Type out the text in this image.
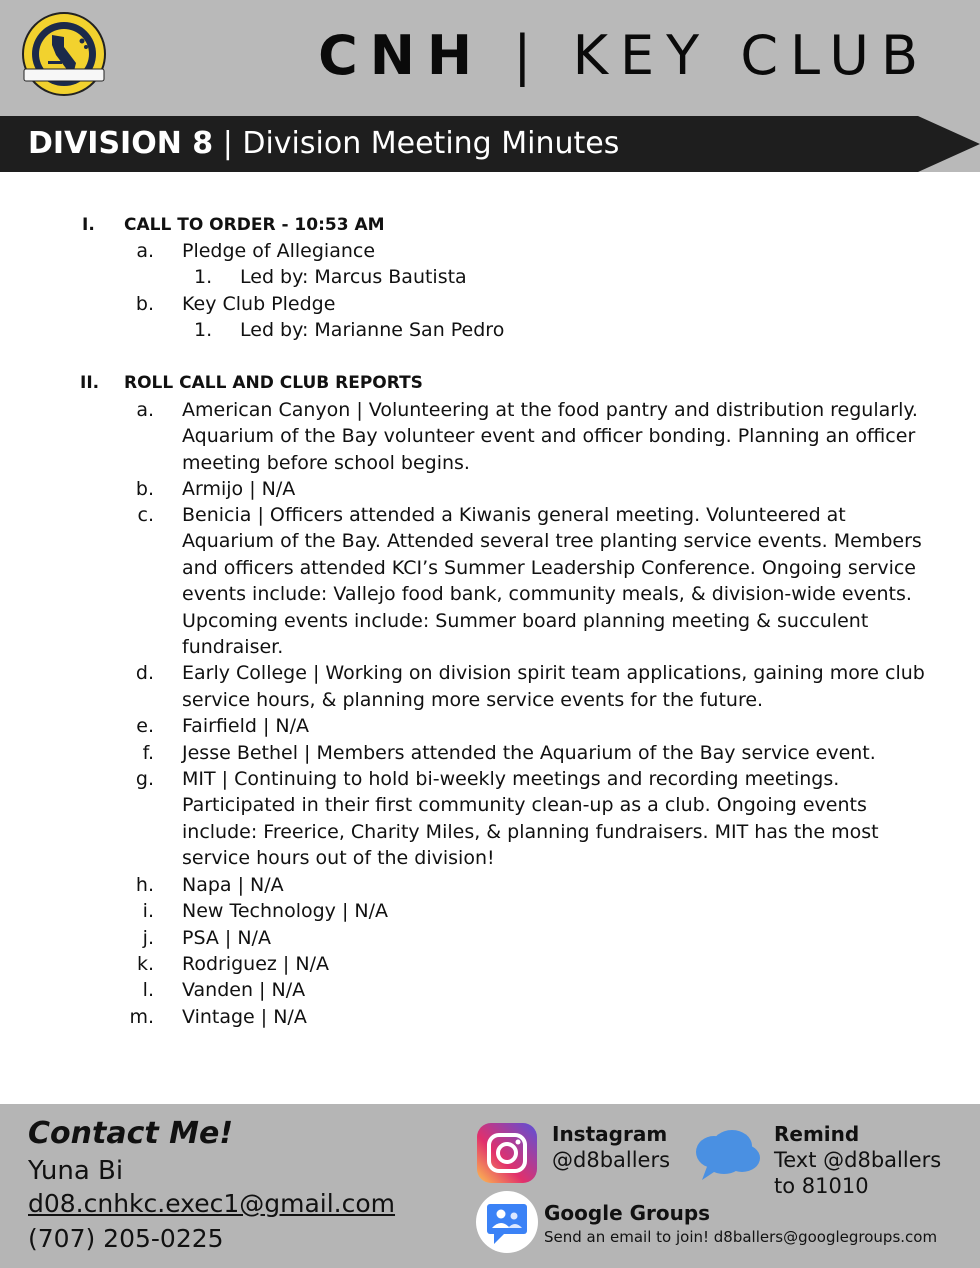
CNH | KEY CLUB
DIVISION 8 | Division Meeting Minutes
I. CALL TO ORDER - 10:53 AM
a. Pledge of Allegiance
1. Led by: Marcus Bautista
b. Key Club Pledge
1. Led by: Marianne San Pedro
II. ROLL CALL AND CLUB REPORTS
a. American Canyon | Volunteering at the food pantry and distribution regularly.
Aquarium of the Bay volunteer event and officer bonding. Planning an officer
meeting before school begins.
b. Armijo | N/A
c. Benicia | Officers attended a Kiwanis general meeting. Volunteered at
Aquarium of the Bay. Attended several tree planting service events. Members
and officers attended KCI’s Summer Leadership Conference. Ongoing service
events include: Vallejo food bank, community meals, & division-wide events.
Upcoming events include: Summer board planning meeting & succulent
fundraiser.
d. Early College | Working on division spirit team applications, gaining more club
service hours, & planning more service events for the future.
e. Fairfield | N/A
f. Jesse Bethel | Members attended the Aquarium of the Bay service event.
g. MIT | Continuing to hold bi-weekly meetings and recording meetings.
Participated in their first community clean-up as a club. Ongoing events
include: Freerice, Charity Miles, & planning fundraisers. MIT has the most
service hours out of the division!
h. Napa | N/A
i. New Technology | N/A
j. PSA | N/A
k. Rodriguez | N/A
l. Vanden | N/A
m. Vintage | N/A
Contact Me!
Yuna Bi
d08.cnhkc.exec1@gmail.com
(707) 205-0225
Instagram
@d8ballers
Remind
Text @d8ballers
to 81010
Google Groups
Send an email to join! d8ballers@googlegroups.com
